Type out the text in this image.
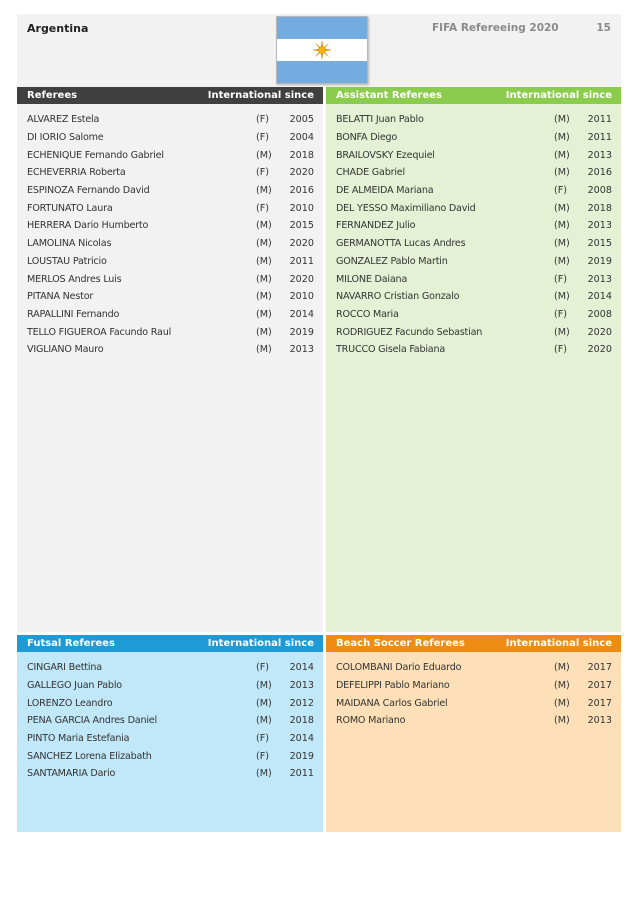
Argentina	FIFA Refereeing 2020	15
Referees	International since
ALVAREZ Estela	(F)	2005
DI IORIO Salome	(F)	2004
ECHENIQUE Fernando Gabriel	(M)	2018
ECHEVERRIA Roberta	(F)	2020
ESPINOZA Fernando David	(M)	2016
FORTUNATO Laura	(F)	2010
HERRERA Dario Humberto	(M)	2015
LAMOLINA Nicolas	(M)	2020
LOUSTAU Patricio	(M)	2011
MERLOS Andres Luis	(M)	2020
PITANA Nestor	(M)	2010
RAPALLINI Fernando	(M)	2014
TELLO FIGUEROA Facundo Raul	(M)	2019
VIGLIANO Mauro	(M)	2013
Assistant Referees	International since
BELATTI Juan Pablo	(M)	2011
BONFA Diego	(M)	2011
BRAILOVSKY Ezequiel	(M)	2013
CHADE Gabriel	(M)	2016
DE ALMEIDA Mariana	(F)	2008
DEL YESSO Maximiliano David	(M)	2018
FERNANDEZ Julio	(M)	2013
GERMANOTTA Lucas Andres	(M)	2015
GONZALEZ Pablo Martin	(M)	2019
MILONE Daiana	(F)	2013
NAVARRO Cristian Gonzalo	(M)	2014
ROCCO Maria	(F)	2008
RODRIGUEZ Facundo Sebastian	(M)	2020
TRUCCO Gisela Fabiana	(F)	2020
Futsal Referees	International since
CINGARI Bettina	(F)	2014
GALLEGO Juan Pablo	(M)	2013
LORENZO Leandro	(M)	2012
PENA GARCIA Andres Daniel	(M)	2018
PINTO Maria Estefania	(F)	2014
SANCHEZ Lorena Elizabath	(F)	2019
SANTAMARIA Dario	(M)	2011
Beach Soccer Referees	International since
COLOMBANI Dario Eduardo	(M)	2017
DEFELIPPI Pablo Mariano	(M)	2017
MAIDANA Carlos Gabriel	(M)	2017
ROMO Mariano	(M)	2013
